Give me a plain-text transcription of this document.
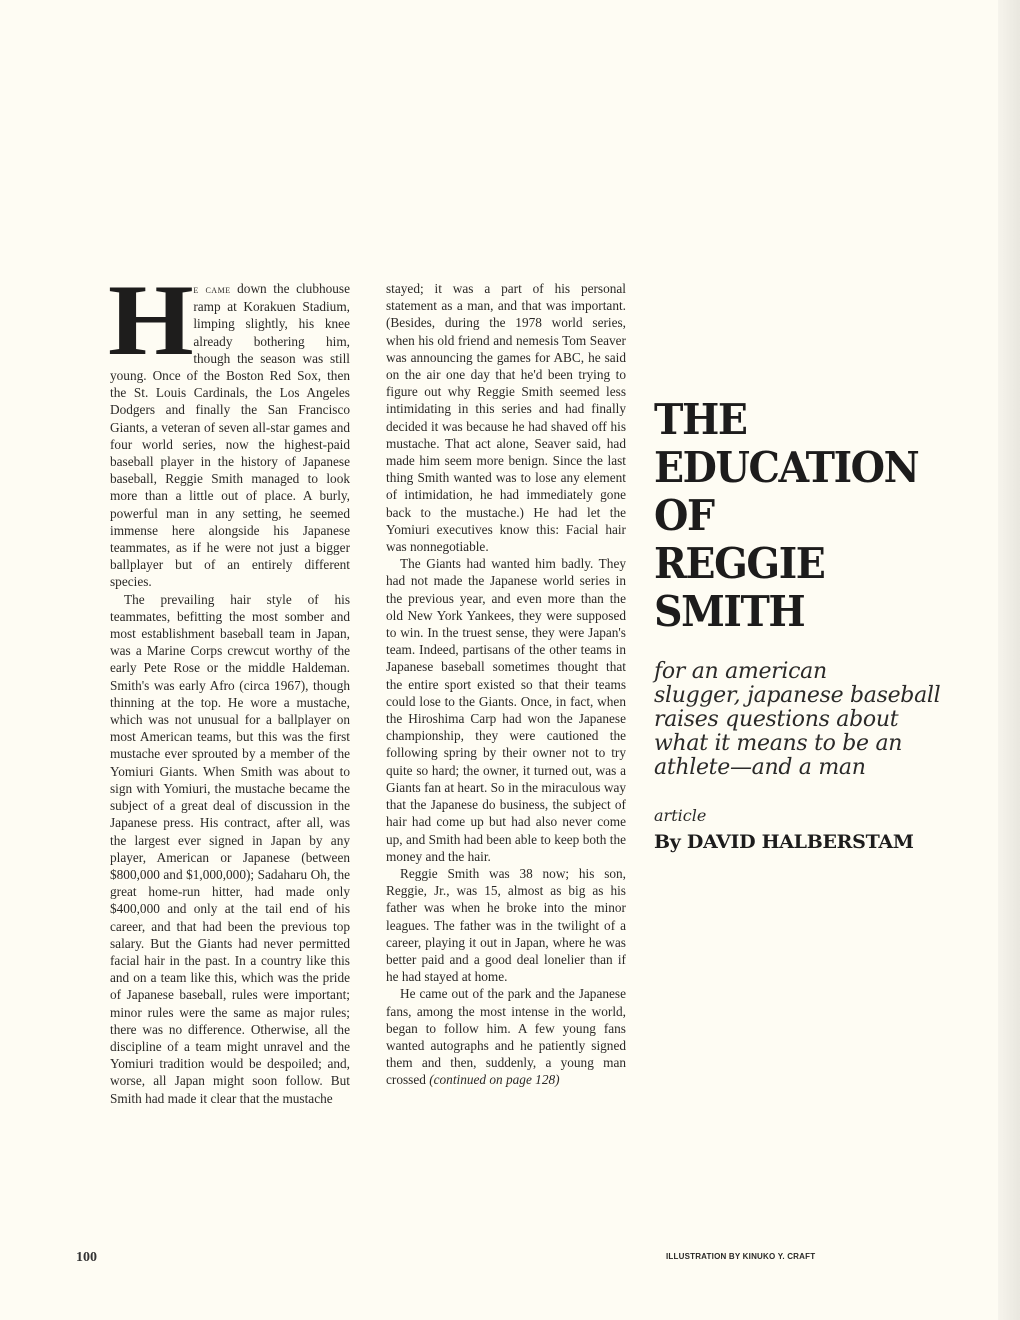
He came down the clubhouse ramp at Korakuen Stadium, limping slightly, his knee already bothering him, though the season was still young. Once of the Boston Red Sox, then the St. Louis Cardinals, the Los Angeles Dodgers and finally the San Francisco Giants, a veteran of seven all-star games and four world series, now the highest-paid baseball player in the history of Japanese baseball, Reggie Smith managed to look more than a little out of place. A burly, powerful man in any setting, he seemed immense here alongside his Japanese teammates, as if he were not just a bigger ballplayer but of an entirely different species.

The prevailing hair style of his teammates, befitting the most somber and most establishment baseball team in Japan, was a Marine Corps crewcut worthy of the early Pete Rose or the middle Haldeman. Smith's was early Afro (circa 1967), though thinning at the top. He wore a mustache, which was not unusual for a ballplayer on most American teams, but this was the first mustache ever sprouted by a member of the Yomiuri Giants. When Smith was about to sign with Yomiuri, the mustache became the subject of a great deal of discussion in the Japanese press. His contract, after all, was the largest ever signed in Japan by any player, American or Japanese (between $800,000 and $1,000,000); Sadaharu Oh, the great home-run hitter, had made only $400,000 and only at the tail end of his career, and that had been the previous top salary. But the Giants had never permitted facial hair in the past. In a country like this and on a team like this, which was the pride of Japanese baseball, rules were important; minor rules were the same as major rules; there was no difference. Otherwise, all the discipline of a team might unravel and the Yomiuri tradition would be despoiled; and, worse, all Japan might soon follow. But Smith had made it clear that the mustache

stayed; it was a part of his personal statement as a man, and that was important. (Besides, during the 1978 world series, when his old friend and nemesis Tom Seaver was announcing the games for ABC, he said on the air one day that he'd been trying to figure out why Reggie Smith seemed less intimidating in this series and had finally decided it was because he had shaved off his mustache. That act alone, Seaver said, had made him seem more benign. Since the last thing Smith wanted was to lose any element of intimidation, he had immediately gone back to the mustache.) He had let the Yomiuri executives know this: Facial hair was nonnegotiable.

The Giants had wanted him badly. They had not made the Japanese world series in the previous year, and even more than the old New York Yankees, they were supposed to win. In the truest sense, they were Japan's team. Indeed, partisans of the other teams in Japanese baseball sometimes thought that the entire sport existed so that their teams could lose to the Giants. Once, in fact, when the Hiroshima Carp had won the Japanese championship, they were cautioned the following spring by their owner not to try quite so hard; the owner, it turned out, was a Giants fan at heart. So in the miraculous way that the Japanese do business, the subject of hair had come up but had also never come up, and Smith had been able to keep both the money and the hair.

Reggie Smith was 38 now; his son, Reggie, Jr., was 15, almost as big as his father was when he broke into the minor leagues. The father was in the twilight of a career, playing it out in Japan, where he was better paid and a good deal lonelier than if he had stayed at home.

He came out of the park and the Japanese fans, among the most intense in the world, began to follow him. A few young fans wanted autographs and he patiently signed them and then, suddenly, a young man crossed (continued on page 128)

100
THE
EDUCATION
OF
REGGIE
SMITH
for an american
slugger, japanese baseball
raises questions about
what it means to be an
athlete—and a man
article
By DAVID HALBERSTAM
ILLUSTRATION BY KINUKO Y. CRAFT
